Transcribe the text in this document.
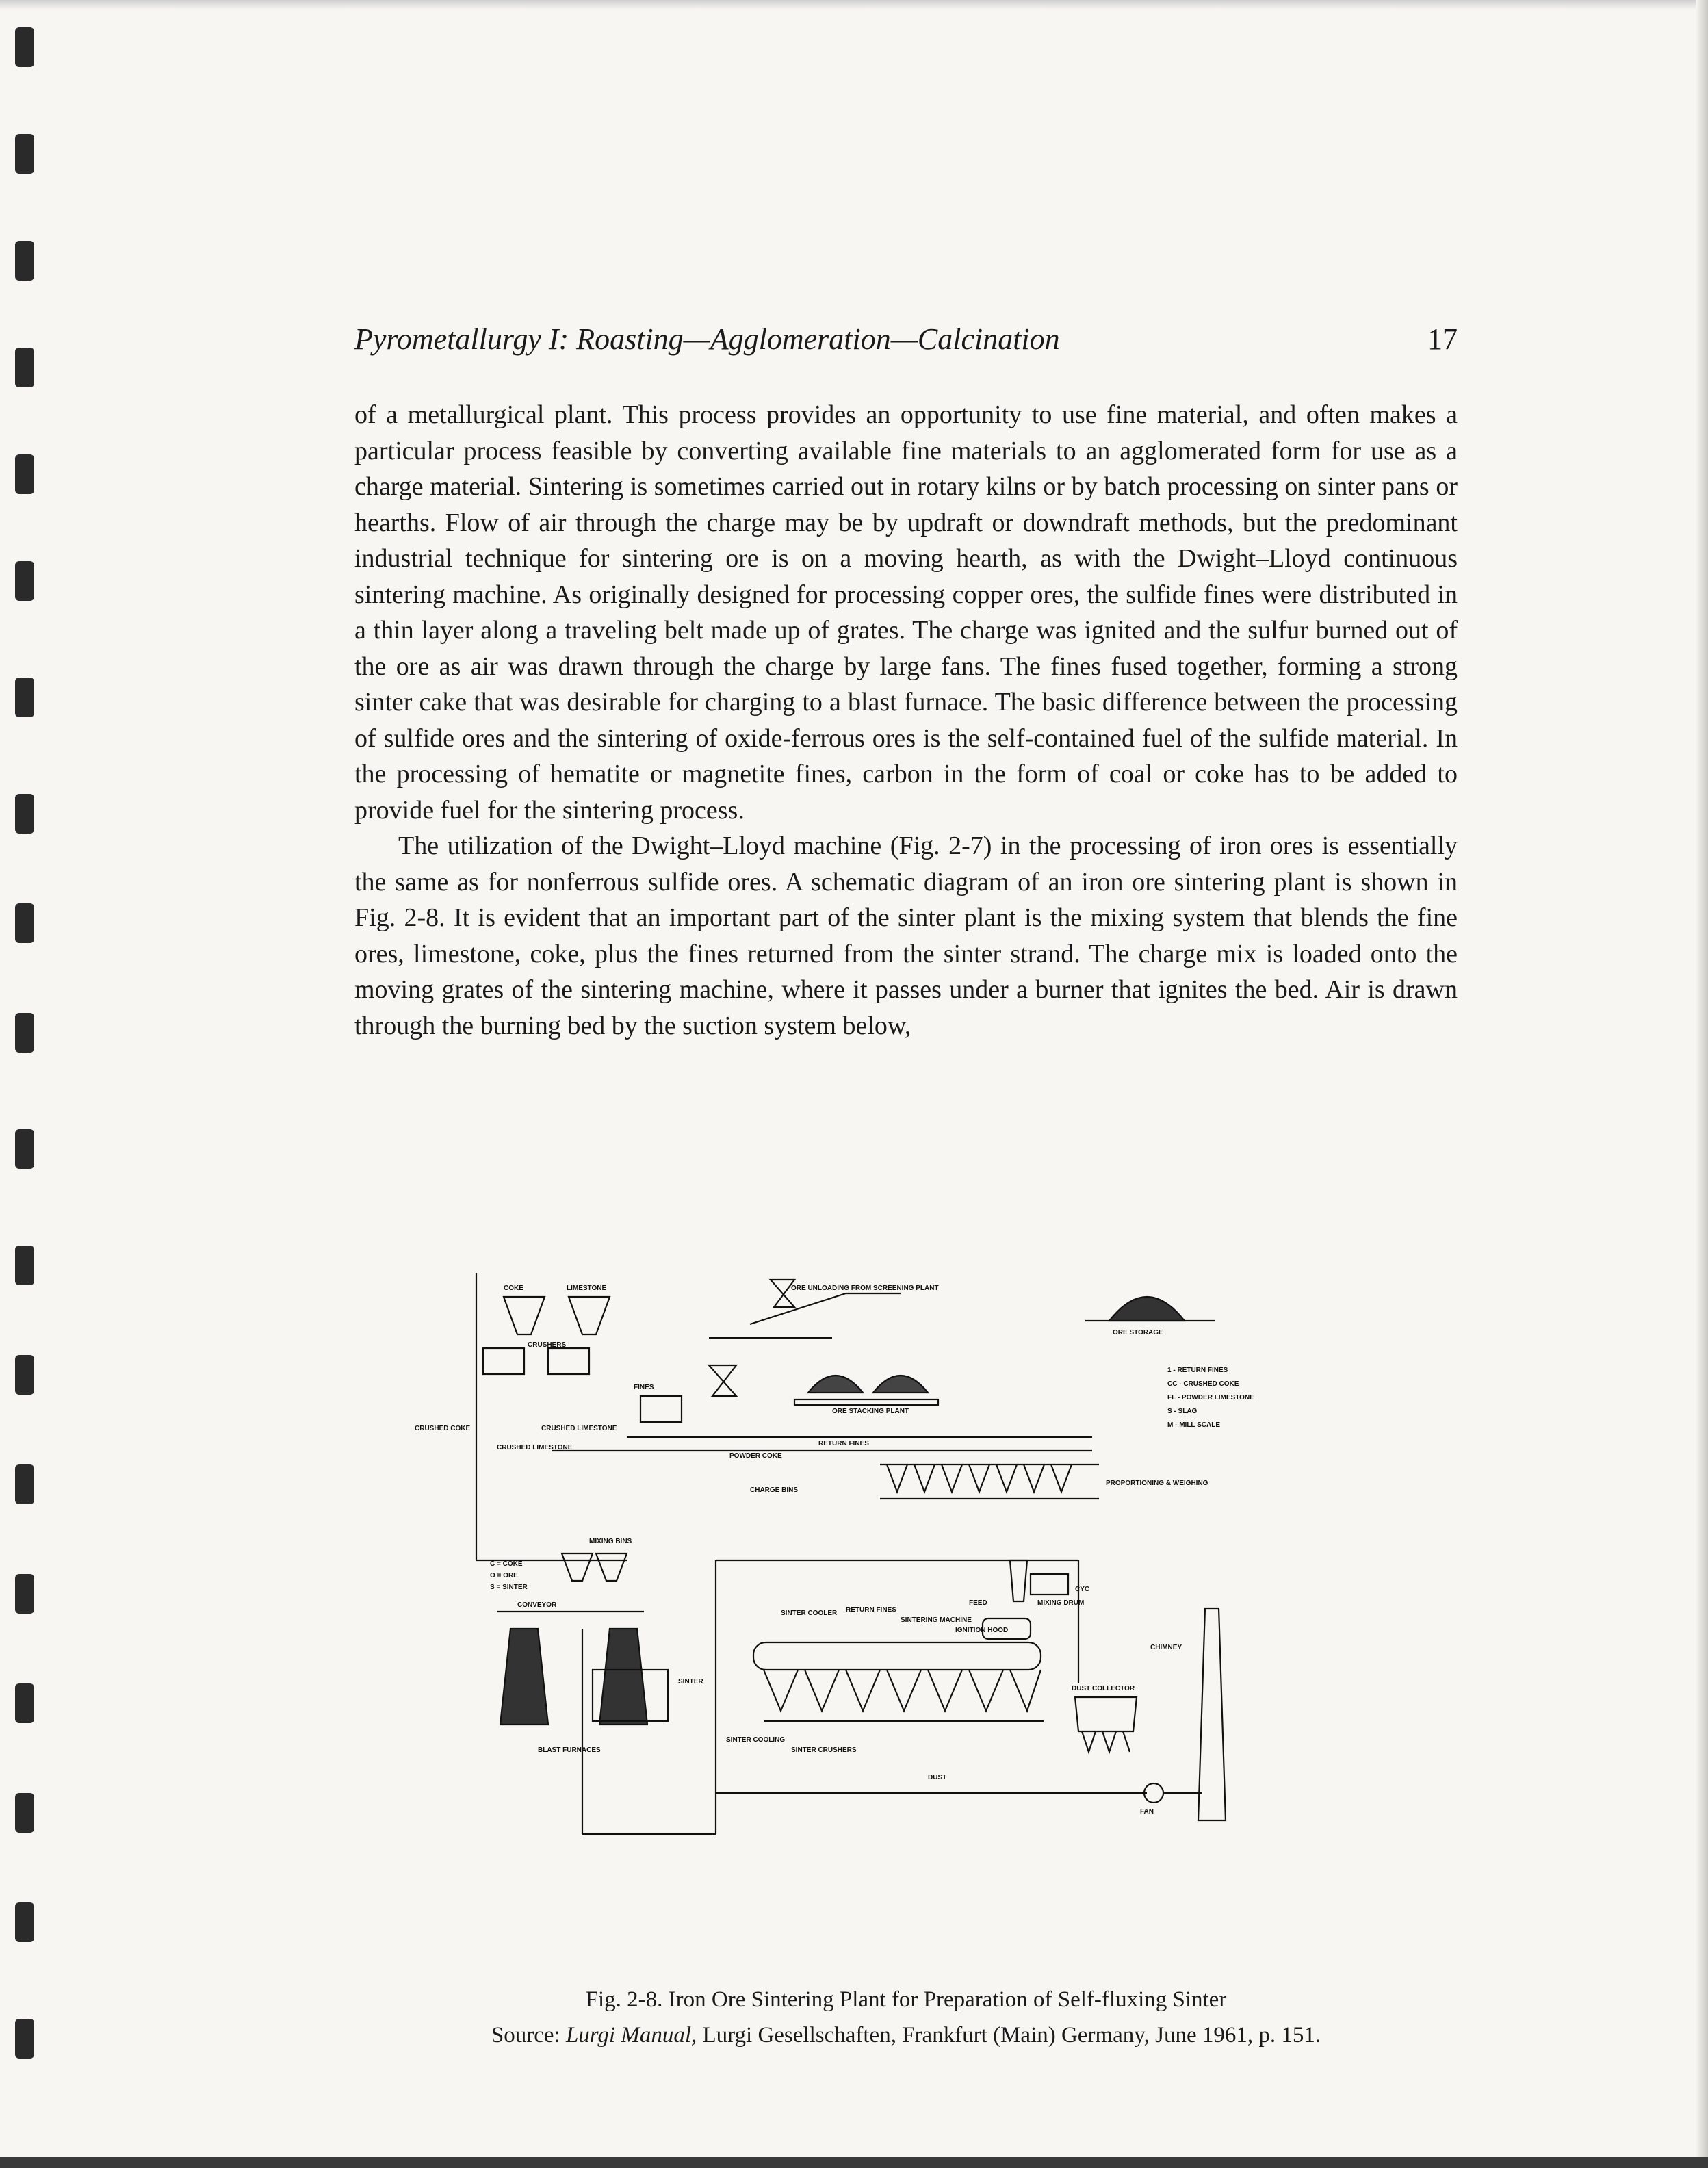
Pyrometallurgy I: Roasting—Agglomeration—Calcination	17

of a metallurgical plant. This process provides an opportunity to use fine material, and often makes a particular process feasible by converting available fine materials to an agglomerated form for use as a charge material. Sintering is sometimes carried out in rotary kilns or by batch processing on sinter pans or hearths. Flow of air through the charge may be by updraft or downdraft methods, but the predominant industrial technique for sintering ore is on a moving hearth, as with the Dwight–Lloyd continuous sintering machine. As originally designed for processing copper ores, the sulfide fines were distributed in a thin layer along a traveling belt made up of grates. The charge was ignited and the sulfur burned out of the ore as air was drawn through the charge by large fans. The fines fused together, forming a strong sinter cake that was desirable for charging to a blast furnace. The basic difference between the processing of sulfide ores and the sintering of oxide-ferrous ores is the self-contained fuel of the sulfide material. In the processing of hematite or magnetite fines, carbon in the form of coal or coke has to be added to provide fuel for the sintering process.

The utilization of the Dwight–Lloyd machine (Fig. 2-7) in the processing of iron ores is essentially the same as for nonferrous sulfide ores. A schematic diagram of an iron ore sintering plant is shown in Fig. 2-8. It is evident that an important part of the sinter plant is the mixing system that blends the fine ores, limestone, coke, plus the fines returned from the sinter strand. The charge mix is loaded onto the moving grates of the sintering machine, where it passes under a burner that ignites the bed. Air is drawn through the burning bed by the suction system below,

COKE	LIMESTONE
CRUSHERS
ORE UNLOADING FROM SCREENING PLANT
ORE STORAGE
ORE STACKING PLANT
FINES
1 - RETURN FINES
CC - CRUSHED COKE
FL - POWDER LIMESTONE
S - SLAG
M - MILL SCALE
CRUSHED COKE	CRUSHED LIMESTONE
CRUSHED LIMESTONE
POWDER COKE
RETURN FINES
MIXING BINS
CHARGE BINS
PROPORTIONING & WEIGHING
C = COKE
O = ORE
S = SINTER
CONVEYOR
BLAST FURNACES
SINTER
SINTER COOLER RETURN FINES
SINTERING MACHINE
IGNITION HOOD
FEED	MIXING DRUM
DUST COLLECTOR
CHIMNEY
FAN
CYC
SINTER COOLING
SINTER CRUSHERS
DUST
Fig. 2-8. Iron Ore Sintering Plant for Preparation of Self-fluxing Sinter
Source: Lurgi Manual, Lurgi Gesellschaften, Frankfurt (Main) Germany, June 1961, p. 151.
